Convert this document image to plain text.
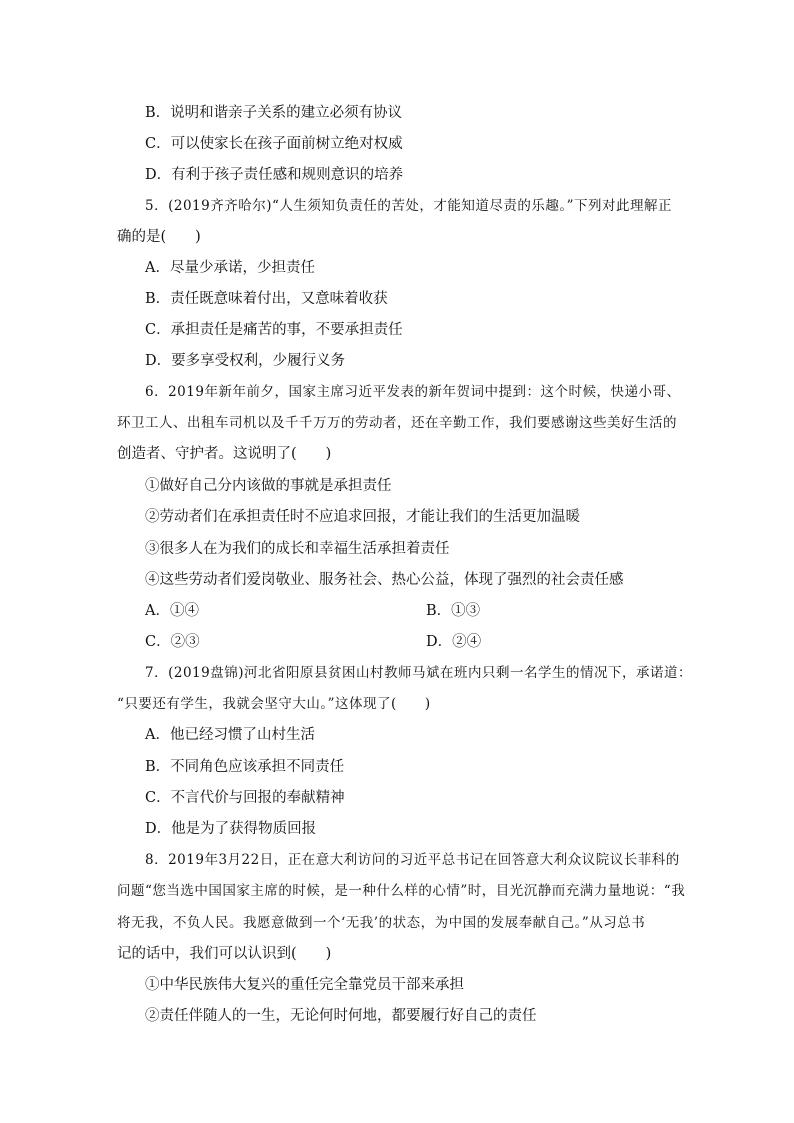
B．说明和谐亲子关系的建立必须有协议
C．可以使家长在孩子面前树立绝对权威
D．有利于孩子责任感和规则意识的培养
5．(2019齐齐哈尔)“人生须知负责任的苦处，才能知道尽责的乐趣。”下列对此理解正
确的是(　　)
A．尽量少承诺，少担责任
B．责任既意味着付出，又意味着收获
C．承担责任是痛苦的事，不要承担责任
D．要多享受权利，少履行义务
6．2019年新年前夕，国家主席习近平发表的新年贺词中提到：这个时候，快递小哥、
环卫工人、出租车司机以及千千万万的劳动者，还在辛勤工作，我们要感谢这些美好生活的
创造者、守护者。这说明了(　　)
①做好自己分内该做的事就是承担责任
②劳动者们在承担责任时不应追求回报，才能让我们的生活更加温暖
③很多人在为我们的成长和幸福生活承担着责任
④这些劳动者们爱岗敬业、服务社会、热心公益，体现了强烈的社会责任感
A．①④	B．①③
C．②③	D．②④
7．(2019盘锦)河北省阳原县贫困山村教师马斌在班内只剩一名学生的情况下，承诺道：
“只要还有学生，我就会坚守大山。”这体现了(　　)
A．他已经习惯了山村生活
B．不同角色应该承担不同责任
C．不言代价与回报的奉献精神
D．他是为了获得物质回报
8．2019年3月22日，正在意大利访问的习近平总书记在回答意大利众议院议长菲科的
问题“您当选中国国家主席的时候，是一种什么样的心情”时，目光沉静而充满力量地说：“我
将无我，不负人民。我愿意做到一个‘无我’的状态，为中国的发展奉献自己。”从习总书
记的话中，我们可以认识到(　　)
①中华民族伟大复兴的重任完全靠党员干部来承担
②责任伴随人的一生，无论何时何地，都要履行好自己的责任
